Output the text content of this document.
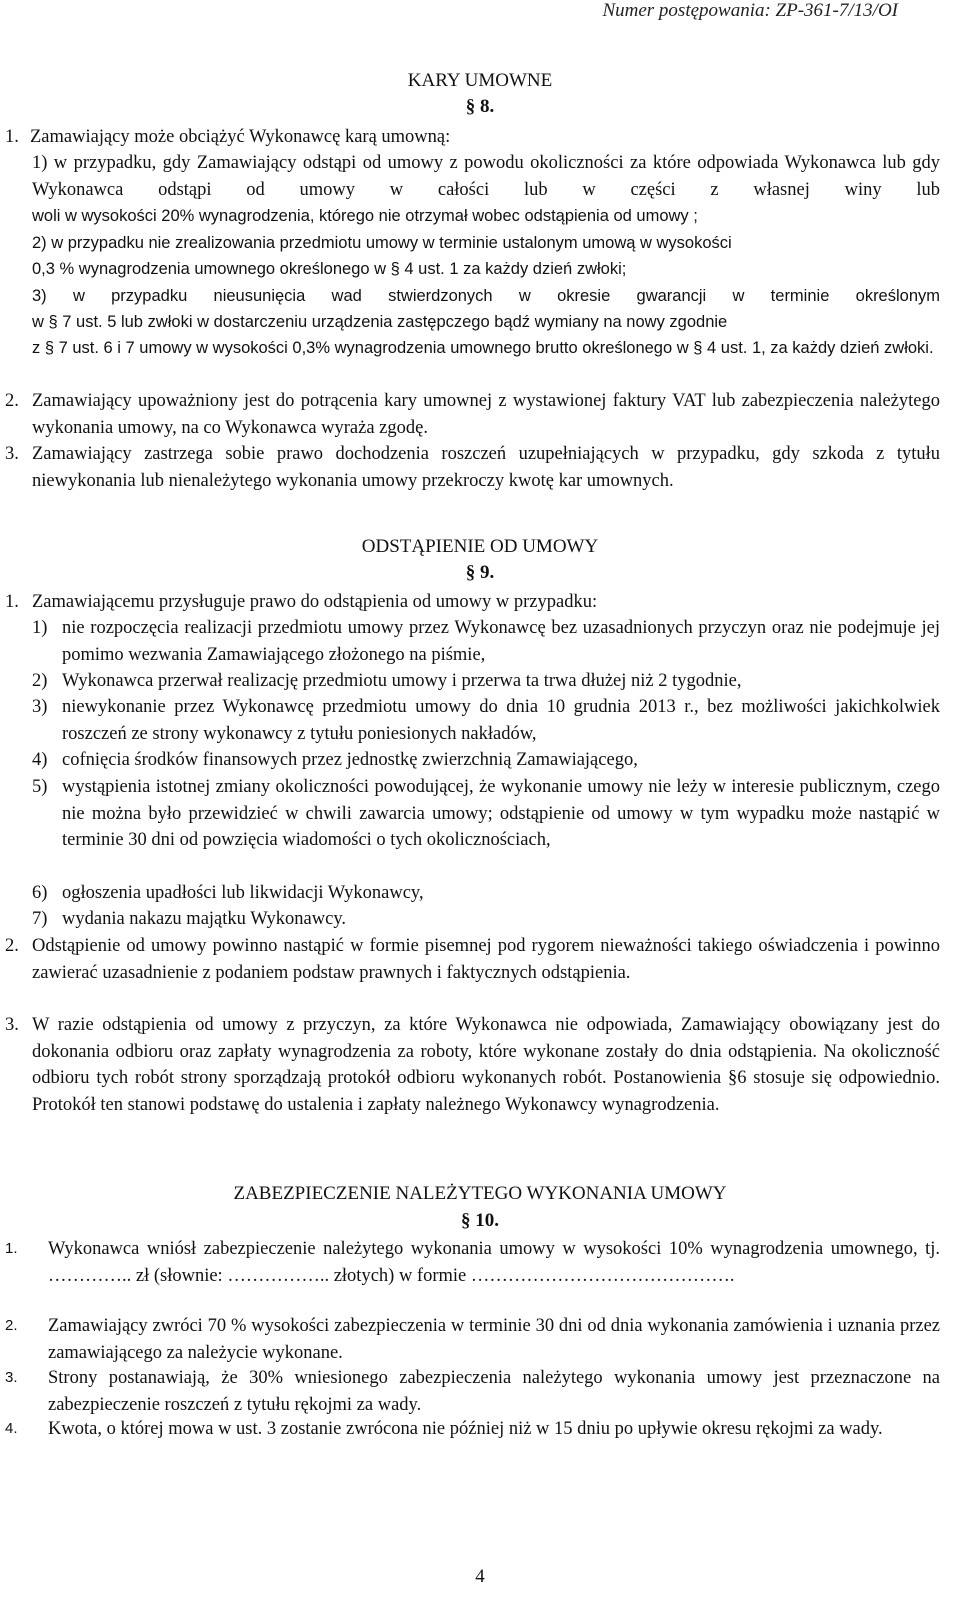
Numer postępowania: ZP-361-7/13/OI
KARY UMOWNE
§ 8.
1. Zamawiający może obciążyć Wykonawcę karą umowną:
1) w przypadku, gdy Zamawiający odstąpi od umowy z powodu okoliczności za które odpowiada Wykonawca lub gdy Wykonawca odstąpi od umowy w całości lub w części z własnej winy lub
woli w wysokości 20% wynagrodzenia, którego nie otrzymał wobec odstąpienia od umowy ;
2) w przypadku nie zrealizowania przedmiotu umowy w terminie ustalonym umową w wysokości
0,3 % wynagrodzenia umownego określonego w § 4 ust. 1 za każdy dzień zwłoki;
3) w przypadku nieusunięcia wad stwierdzonych w okresie gwarancji w terminie określonym
w § 7 ust. 5 lub zwłoki w dostarczeniu urządzenia zastępczego bądź wymiany na nowy zgodnie
z § 7 ust. 6 i 7 umowy w wysokości 0,3% wynagrodzenia umownego brutto określonego w § 4 ust. 1, za każdy dzień zwłoki.
2. Zamawiający upoważniony jest do potrącenia kary umownej z wystawionej faktury VAT lub zabezpieczenia należytego wykonania umowy, na co Wykonawca wyraża zgodę.
3. Zamawiający zastrzega sobie prawo dochodzenia roszczeń uzupełniających w przypadku, gdy szkoda z tytułu niewykonania lub nienależytego wykonania umowy przekroczy kwotę kar umownych.
ODSTĄPIENIE OD UMOWY
§ 9.
1. Zamawiającemu przysługuje prawo do odstąpienia od umowy w przypadku:
1) nie rozpoczęcia realizacji przedmiotu umowy przez Wykonawcę bez uzasadnionych przyczyn oraz nie podejmuje jej pomimo wezwania Zamawiającego złożonego na piśmie,
2) Wykonawca przerwał realizację przedmiotu umowy i przerwa ta trwa dłużej niż 2 tygodnie,
3) niewykonanie przez Wykonawcę przedmiotu umowy do dnia 10 grudnia 2013 r., bez możliwości jakichkolwiek roszczeń ze strony wykonawcy z tytułu poniesionych nakładów,
4) cofnięcia środków finansowych przez jednostkę zwierzchnią Zamawiającego,
5) wystąpienia istotnej zmiany okoliczności powodującej, że wykonanie umowy nie leży w interesie publicznym, czego nie można było przewidzieć w chwili zawarcia umowy; odstąpienie od umowy w tym wypadku może nastąpić w terminie 30 dni od powzięcia wiadomości o tych okolicznościach,
6) ogłoszenia upadłości lub likwidacji Wykonawcy,
7) wydania nakazu majątku Wykonawcy.
2. Odstąpienie od umowy powinno nastąpić w formie pisemnej pod rygorem nieważności takiego oświadczenia i powinno zawierać uzasadnienie z podaniem podstaw prawnych i faktycznych odstąpienia.
3. W razie odstąpienia od umowy z przyczyn, za które Wykonawca nie odpowiada, Zamawiający obowiązany jest do dokonania odbioru oraz zapłaty wynagrodzenia za roboty, które wykonane zostały do dnia odstąpienia. Na okoliczność odbioru tych robót strony sporządzają protokół odbioru wykonanych robót. Postanowienia §6 stosuje się odpowiednio. Protokół ten stanowi podstawę do ustalenia i zapłaty należnego Wykonawcy wynagrodzenia.
ZABEZPIECZENIE NALEŻYTEGO WYKONANIA UMOWY
§ 10.
1. Wykonawca wniósł zabezpieczenie należytego wykonania umowy w wysokości 10% wynagrodzenia umownego, tj. ………….. zł (słownie: …………….. złotych) w formie …………………………………….
2. Zamawiający zwróci 70 % wysokości zabezpieczenia w terminie 30 dni od dnia wykonania zamówienia i uznania przez zamawiającego za należycie wykonane.
3. Strony postanawiają, że 30% wniesionego zabezpieczenia należytego wykonania umowy jest przeznaczone na zabezpieczenie roszczeń z tytułu rękojmi za wady.
4. Kwota, o której mowa w ust. 3 zostanie zwrócona nie później niż w 15 dniu po upływie okresu rękojmi za wady.
4
